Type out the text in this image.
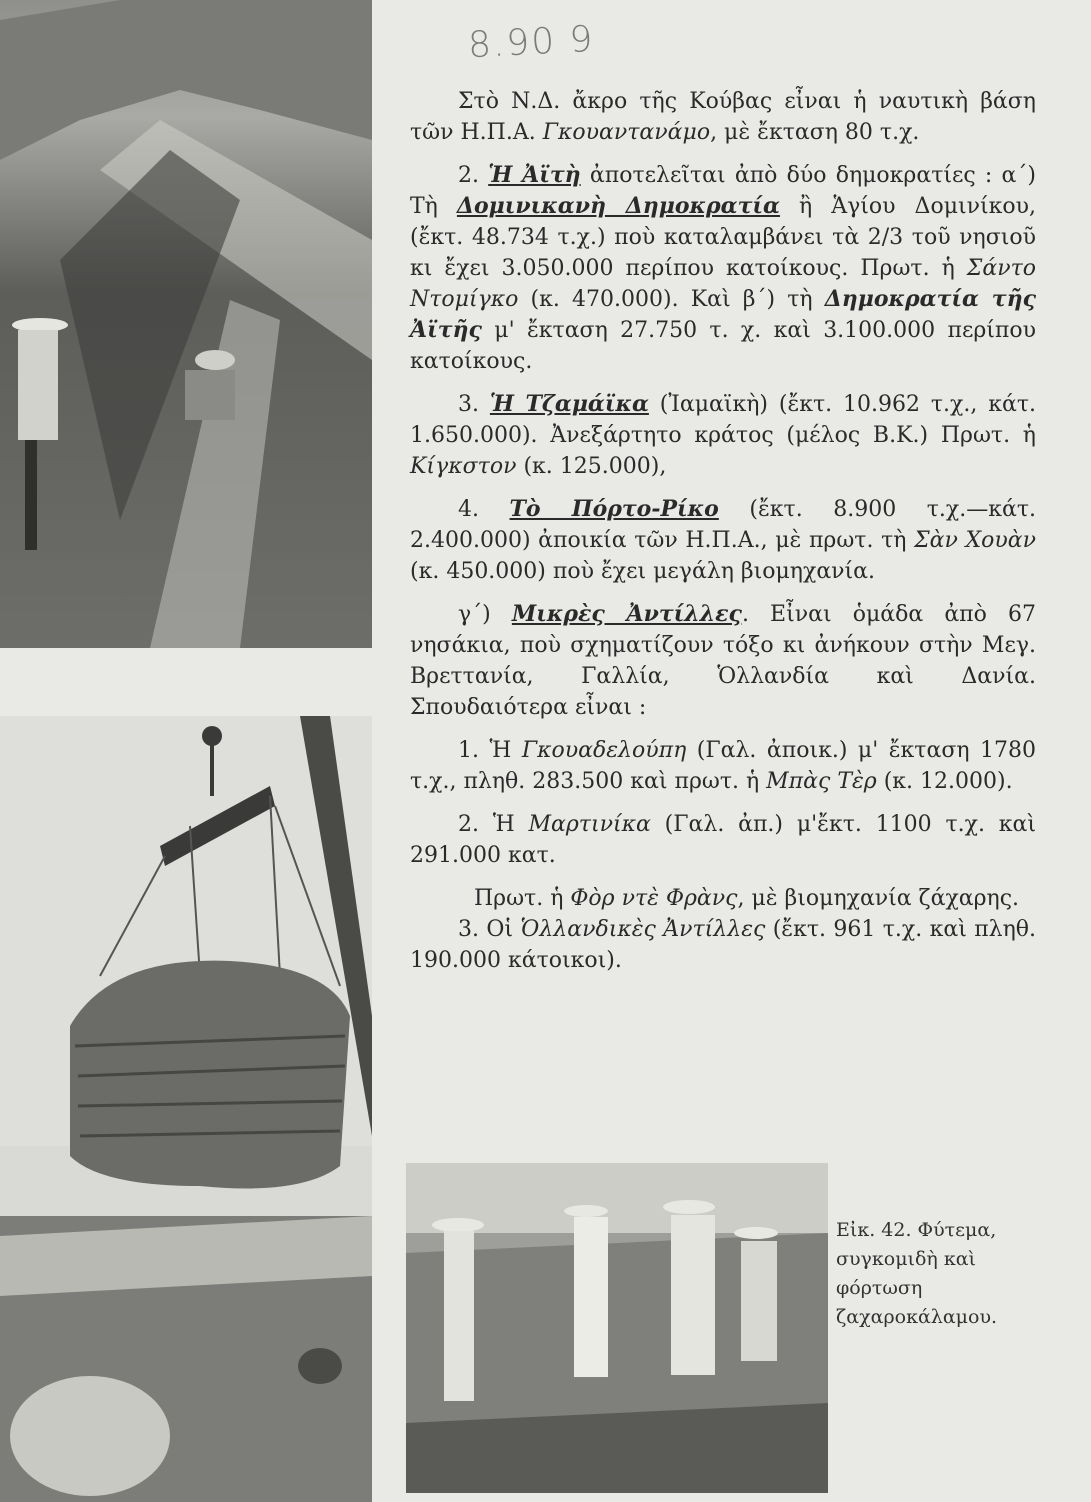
8.90 9

Στὸ Ν.Δ. ἄκρο τῆς Κούβας εἶναι ἡ ναυτικὴ βάση τῶν Η.Π.Α. Γκουαντανάμο, μὲ ἔκταση 80 τ.χ.

2. Ἡ Ἀϊτὴ ἀποτελεῖται ἀπὸ δύο δημοκρατίες : α΄) Τὴ Δομινικανὴ Δημοκρατία ἢ Ἁγίου Δομινίκου, (ἔκτ. 48.734 τ.χ.) ποὺ καταλαμβάνει τὰ 2/3 τοῦ νησιοῦ κι ἔχει 3.050.000 περίπου κατοίκους. Πρωτ. ἡ Σάντο Ντομίγκο (κ. 470.000). Καὶ β΄) τὴ Δημοκρατία τῆς Ἀϊτῆς μ' ἔκταση 27.750 τ. χ. καὶ 3.100.000 περίπου κατοίκους.

3. Ἡ Τζαμάϊκα (Ἰαμαϊκὴ) (ἔκτ. 10.962 τ.χ., κάτ. 1.650.000). Ἀνεξάρτητο κράτος (μέλος Β.Κ.) Πρωτ. ἡ Κίγκστον (κ. 125.000),

4. Τὸ Πόρτο-Ρίκο (ἔκτ. 8.900 τ.χ.—κάτ. 2.400.000) ἀποικία τῶν Η.Π.Α., μὲ πρωτ. τὴ Σὰν Χουὰν (κ. 450.000) ποὺ ἔχει μεγάλη βιομηχανία.

γ΄) Μικρὲς Ἀντίλλες. Εἶναι ὁμάδα ἀπὸ 67 νησάκια, ποὺ σχηματίζουν τόξο κι ἀνήκουν στὴν Μεγ. Βρεττανία, Γαλλία, Ὁλλανδία καὶ Δανία. Σπουδαιότερα εἶναι :

1. Ἡ Γκουαδελούπη (Γαλ. ἀποικ.) μ' ἔκταση 1780 τ.χ., πληθ. 283.500 καὶ πρωτ. ἡ Μπὰς Τὲρ (κ. 12.000).

2. Ἡ Μαρτινίκα (Γαλ. ἀπ.) μ'ἔκτ. 1100 τ.χ. καὶ 291.000 κατ.

Πρωτ. ἡ Φὸρ ντὲ Φρὰνς, μὲ βιομηχανία ζάχαρης.

3. Οἱ Ὁλλανδικὲς Ἀντίλλες (ἔκτ. 961 τ.χ. καὶ πληθ. 190.000 κάτοικοι).

Εἰκ. 42. Φύτεμα, συγκομιδὴ καὶ φόρτωση ζαχαροκάλαμου.
